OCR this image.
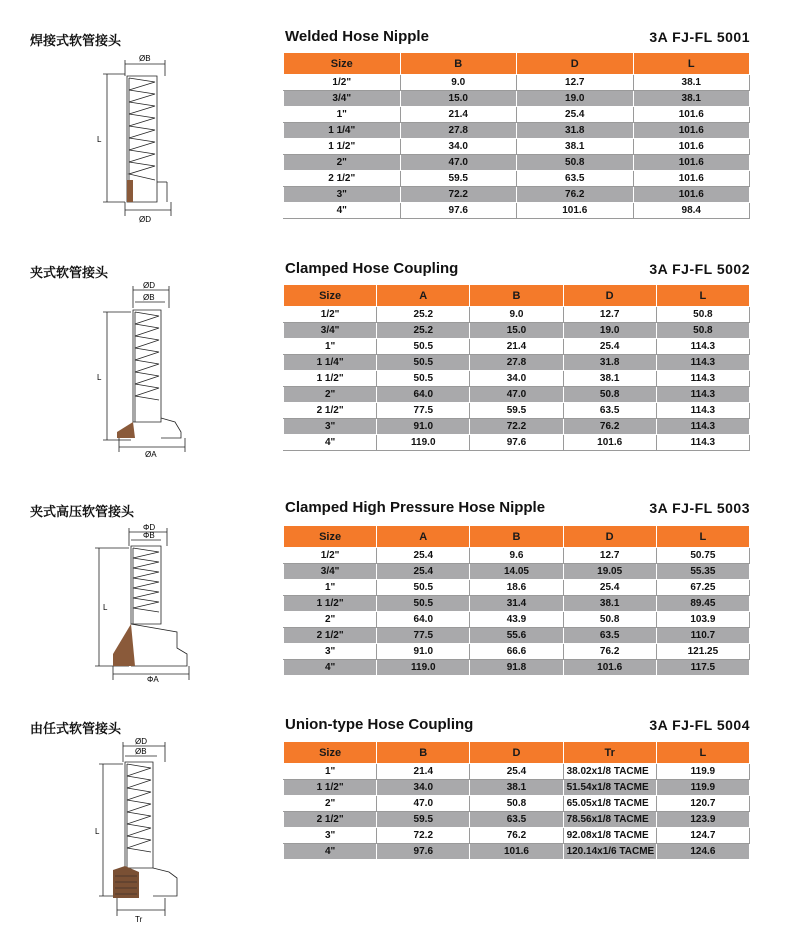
焊接式软管接头	Welded Hose Nipple	3A FJ-FL 5001
ØB
L
ØD
Size	B	D	L
1/2"	9.0	12.7	38.1
3/4"	15.0	19.0	38.1
1"	21.4	25.4	101.6
1 1/4"	27.8	31.8	101.6
1 1/2"	34.0	38.1	101.6
2"	47.0	50.8	101.6
2 1/2"	59.5	63.5	101.6
3"	72.2	76.2	101.6
4"	97.6	101.6	98.4
夹式软管接头	Clamped Hose Coupling	3A FJ-FL 5002
ØD
ØB
L
ØA
Size	A	B	D	L
1/2"	25.2	9.0	12.7	50.8
3/4"	25.2	15.0	19.0	50.8
1"	50.5	21.4	25.4	114.3
1 1/4"	50.5	27.8	31.8	114.3
1 1/2"	50.5	34.0	38.1	114.3
2"	64.0	47.0	50.8	114.3
2 1/2"	77.5	59.5	63.5	114.3
3"	91.0	72.2	76.2	114.3
4"	119.0	97.6	101.6	114.3
夹式高压软管接头	Clamped High Pressure Hose Nipple	3A FJ-FL 5003
ΦD
ΦB
L
ΦA
Size	A	B	D	L
1/2"	25.4	9.6	12.7	50.75
3/4"	25.4	14.05	19.05	55.35
1"	50.5	18.6	25.4	67.25
1 1/2"	50.5	31.4	38.1	89.45
2"	64.0	43.9	50.8	103.9
2 1/2"	77.5	55.6	63.5	110.7
3"	91.0	66.6	76.2	121.25
4"	119.0	91.8	101.6	117.5
由任式软管接头	Union-type Hose Coupling	3A FJ-FL 5004
ØD
ØB
L
Tr
Size	B	D	Tr	L
1"	21.4	25.4	38.02x1/8 TACME	119.9
1 1/2"	34.0	38.1	51.54x1/8 TACME	119.9
2"	47.0	50.8	65.05x1/8 TACME	120.7
2 1/2"	59.5	63.5	78.56x1/8 TACME	123.9
3"	72.2	76.2	92.08x1/8 TACME	124.7
4"	97.6	101.6	120.14x1/6 TACME	124.6
